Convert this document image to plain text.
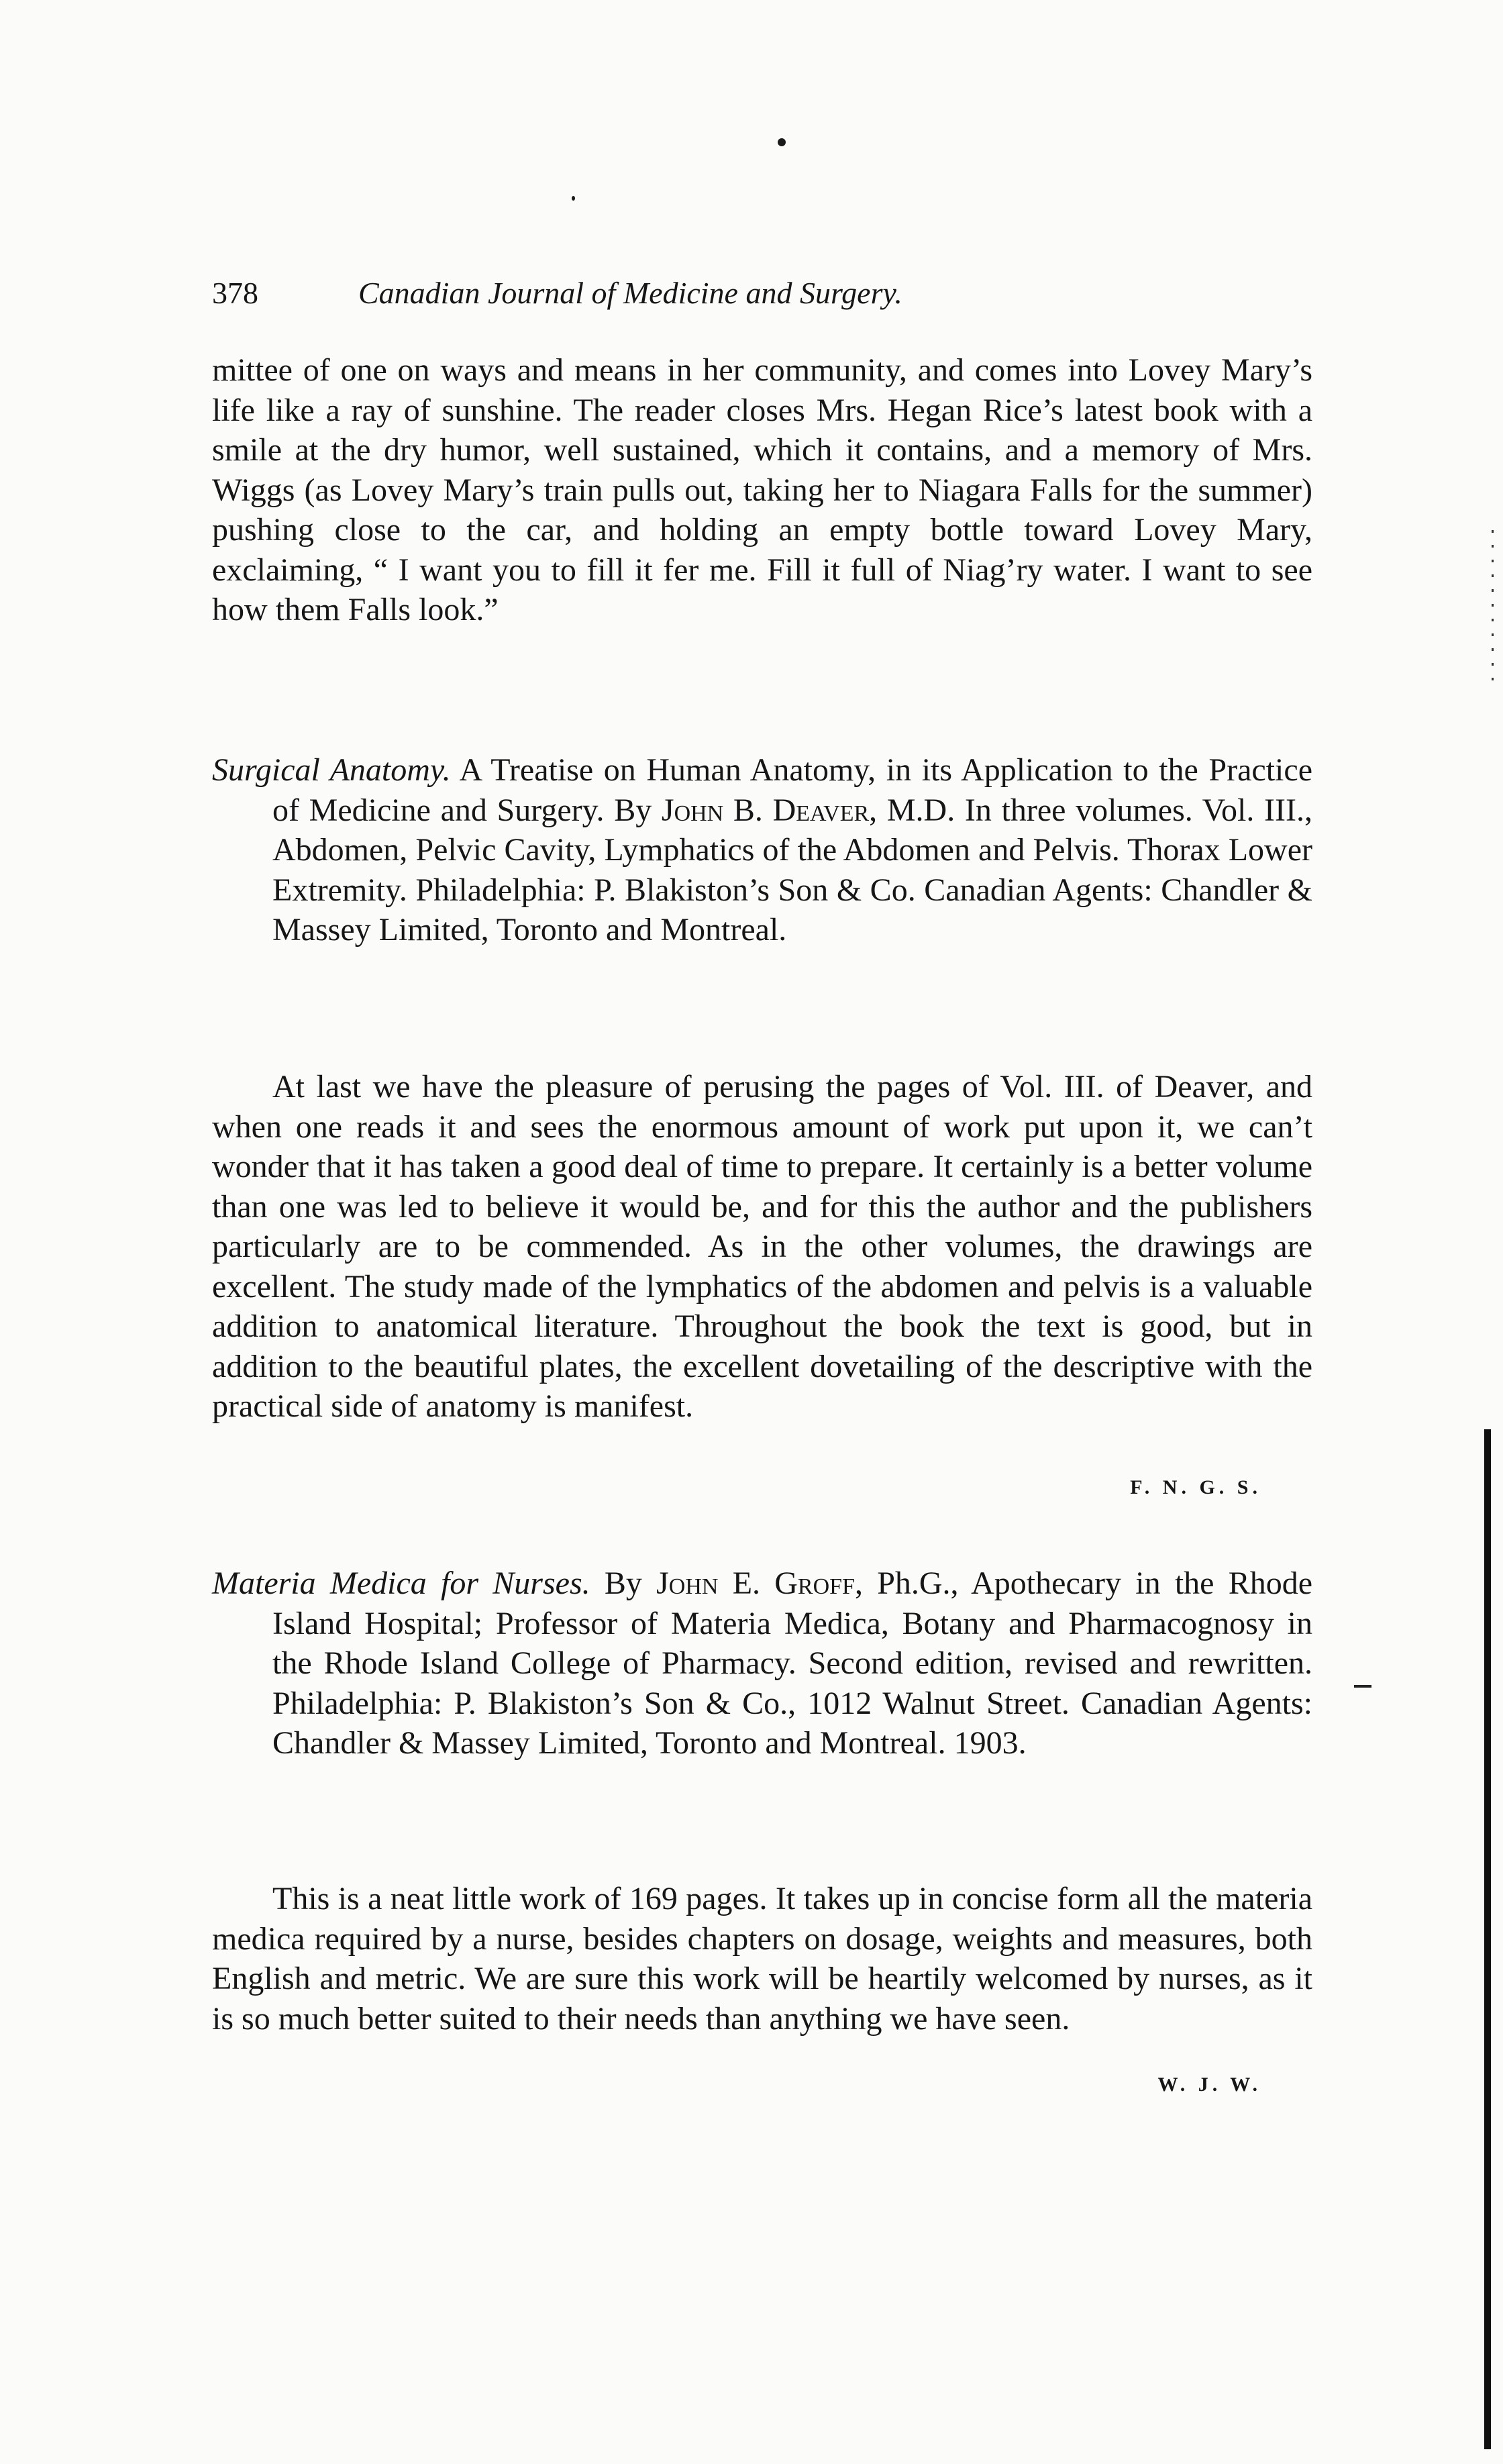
378	Canadian Journal of Medicine and Surgery.

mittee of one on ways and means in her community, and comes into Lovey Mary’s life like a ray of sunshine. The reader closes Mrs. Hegan Rice’s latest book with a smile at the dry humor, well sustained, which it contains, and a memory of Mrs. Wiggs (as Lovey Mary’s train pulls out, taking her to Niagara Falls for the summer) pushing close to the car, and holding an empty bottle toward Lovey Mary, exclaiming, “ I want you to fill it fer me. Fill it full of Niag’ry water. I want to see how them Falls look.”

Surgical Anatomy. A Treatise on Human Anatomy, in its Application to the Practice of Medicine and Surgery. By John B. Deaver, M.D. In three volumes. Vol. III., Abdomen, Pelvic Cavity, Lymphatics of the Abdomen and Pelvis. Thorax Lower Extremity. Philadelphia: P. Blakiston’s Son & Co. Canadian Agents: Chandler & Massey Limited, Toronto and Montreal.

At last we have the pleasure of perusing the pages of Vol. III. of Deaver, and when one reads it and sees the enormous amount of work put upon it, we can’t wonder that it has taken a good deal of time to prepare. It certainly is a better volume than one was led to believe it would be, and for this the author and the publishers particularly are to be commended. As in the other volumes, the drawings are excellent. The study made of the lymphatics of the abdomen and pelvis is a valuable addition to anatomical literature. Throughout the book the text is good, but in addition to the beautiful plates, the excellent dovetailing of the descriptive with the practical side of anatomy is manifest.

F. N. G. S.

Materia Medica for Nurses. By John E. Groff, Ph.G., Apothecary in the Rhode Island Hospital; Professor of Materia Medica, Botany and Pharmacognosy in the Rhode Island College of Pharmacy. Second edition, revised and rewritten. Philadelphia: P. Blakiston’s Son & Co., 1012 Walnut Street. Canadian Agents: Chandler & Massey Limited, Toronto and Montreal. 1903.

This is a neat little work of 169 pages. It takes up in concise form all the materia medica required by a nurse, besides chapters on dosage, weights and measures, both English and metric. We are sure this work will be heartily welcomed by nurses, as it is so much better suited to their needs than anything we have seen.

W. J. W.
